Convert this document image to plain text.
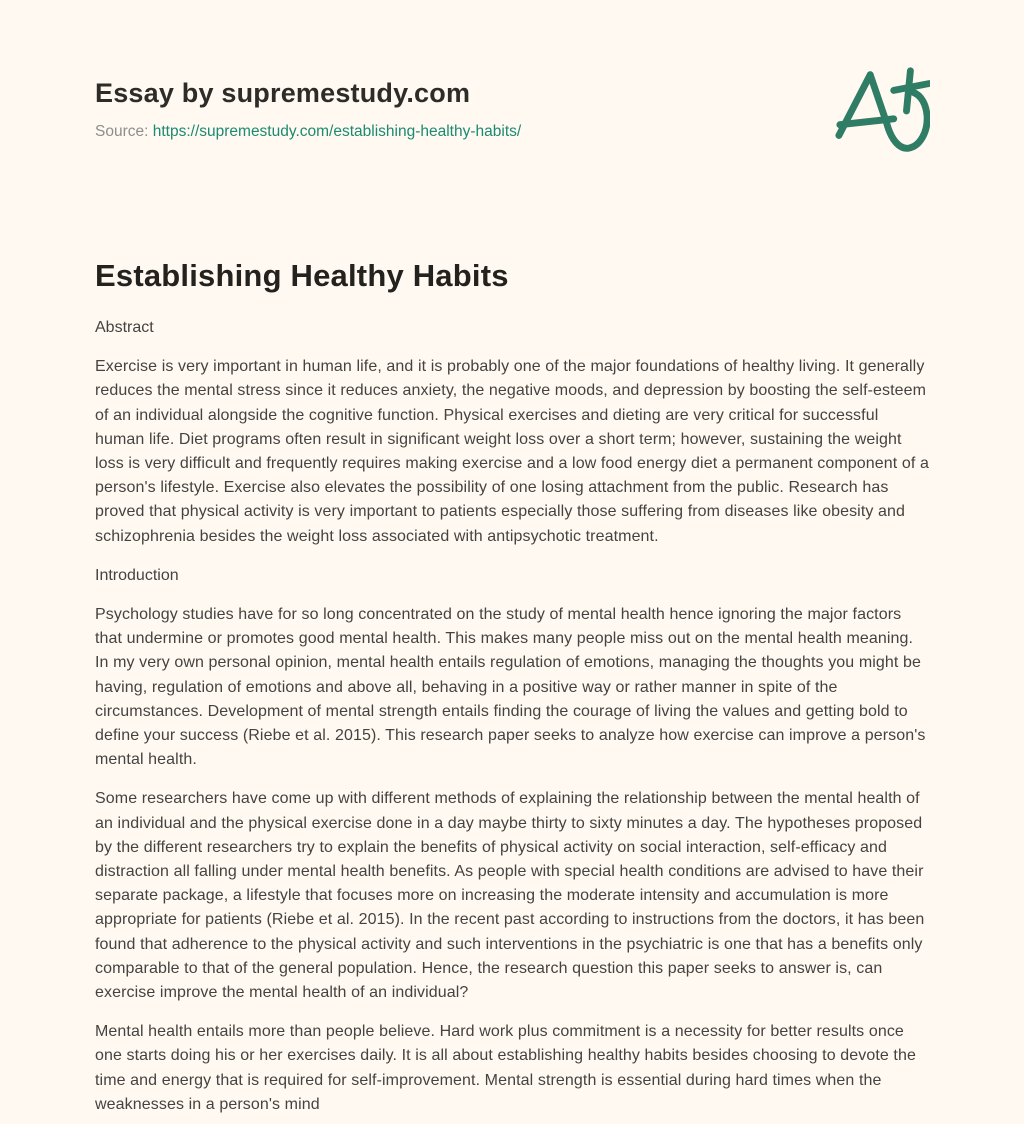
Essay by supremestudy.com

Source: https://supremestudy.com/establishing-healthy-habits/

Establishing Healthy Habits

Abstract

Exercise is very important in human life, and it is probably one of the major foundations of healthy living. It generally reduces the mental stress since it reduces anxiety, the negative moods, and depression by boosting the self-esteem of an individual alongside the cognitive function. Physical exercises and dieting are very critical for successful human life. Diet programs often result in significant weight loss over a short term; however, sustaining the weight loss is very difficult and frequently requires making exercise and a low food energy diet a permanent component of a person's lifestyle. Exercise also elevates the possibility of one losing attachment from the public. Research has proved that physical activity is very important to patients especially those suffering from diseases like obesity and schizophrenia besides the weight loss associated with antipsychotic treatment.

Introduction

Psychology studies have for so long concentrated on the study of mental health hence ignoring the major factors that undermine or promotes good mental health. This makes many people miss out on the mental health meaning. In my very own personal opinion, mental health entails regulation of emotions, managing the thoughts you might be having, regulation of emotions and above all, behaving in a positive way or rather manner in spite of the circumstances. Development of mental strength entails finding the courage of living the values and getting bold to define your success (Riebe et al. 2015). This research paper seeks to analyze how exercise can improve a person's mental health.

Some researchers have come up with different methods of explaining the relationship between the mental health of an individual and the physical exercise done in a day maybe thirty to sixty minutes a day. The hypotheses proposed by the different researchers try to explain the benefits of physical activity on social interaction, self-efficacy and distraction all falling under mental health benefits. As people with special health conditions are advised to have their separate package, a lifestyle that focuses more on increasing the moderate intensity and accumulation is more appropriate for patients (Riebe et al. 2015). In the recent past according to instructions from the doctors, it has been found that adherence to the physical activity and such interventions in the psychiatric is one that has a benefits only comparable to that of the general population. Hence, the research question this paper seeks to answer is, can exercise improve the mental health of an individual?

Mental health entails more than people believe. Hard work plus commitment is a necessity for better results once one starts doing his or her exercises daily. It is all about establishing healthy habits besides choosing to devote the time and energy that is required for self-improvement. Mental strength is essential during hard times when the weaknesses in a person's mind
